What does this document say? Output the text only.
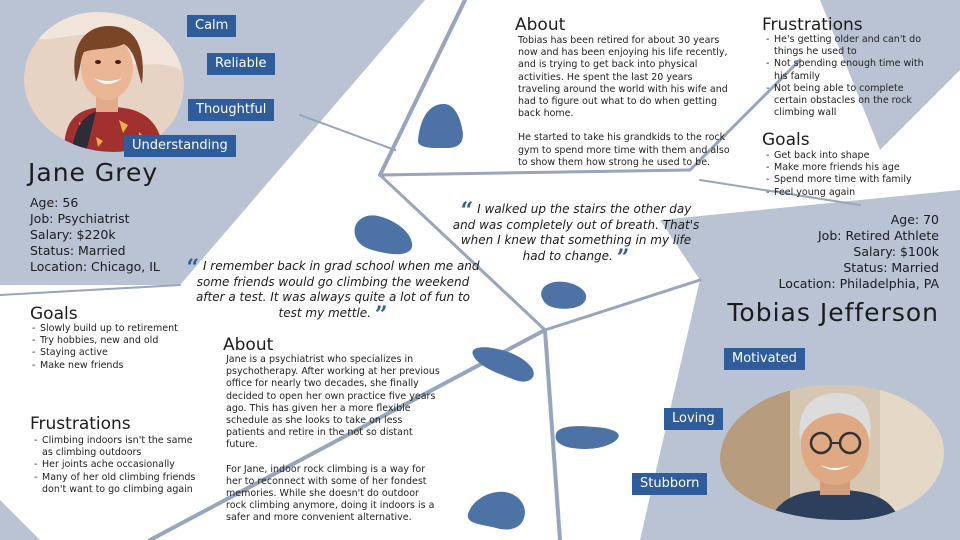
Calm
Reliable
Thoughtful
Understanding
Jane Grey
Age: 56
Job: Psychiatrist
Salary: $220k
Status: Married
Location: Chicago, IL “ I remember back in grad school when me and some friends would go climbing the weekend after a test. It was always quite a lot of fun to test my mettle. ”
Goals
- Slowly build up to retirement
- Try hobbies, new and old
- Staying active
- Make new friends
Frustrations
- Climbing indoors isn't the same as climbing outdoors
- Her joints ache occasionally
- Many of her old climbing friends don't want to go climbing again
About

Jane is a psychiatrist who specializes in psychotherapy. After working at her previous office for nearly two decades, she finally decided to open her own practice five years ago. This has given her a more flexible schedule as she looks to take on less patients and retire in the not so distant future.

For Jane, indoor rock climbing is a way for her to reconnect with some of her fondest memories. While she doesn't do outdoor rock climbing anymore, doing it indoors is a safer and more convenient alternative.

About

Tobias has been retired for about 30 years now and has been enjoying his life recently, and is trying to get back into physical activities. He spent the last 20 years traveling around the world with his wife and had to figure out what to do when getting back home.

He started to take his grandkids to the rock gym to spend more time with them and also to show them how strong he used to be.

Frustrations
- He's getting older and can't do things he used to
- Not spending enough time with his family
- Not being able to complete certain obstacles on the rock climbing wall
Goals
- Get back into shape
- Make more friends his age
- Spend more time with family
- Feel young again
“ I walked up the stairs the other day and was completely out of breath. That's when I knew that something in my life had to change. ”
Age: 70
Job: Retired Athlete
Salary: $100k
Status: Married
Location: Philadelphia, PA
Tobias Jefferson
Motivated
Loving
Stubborn
